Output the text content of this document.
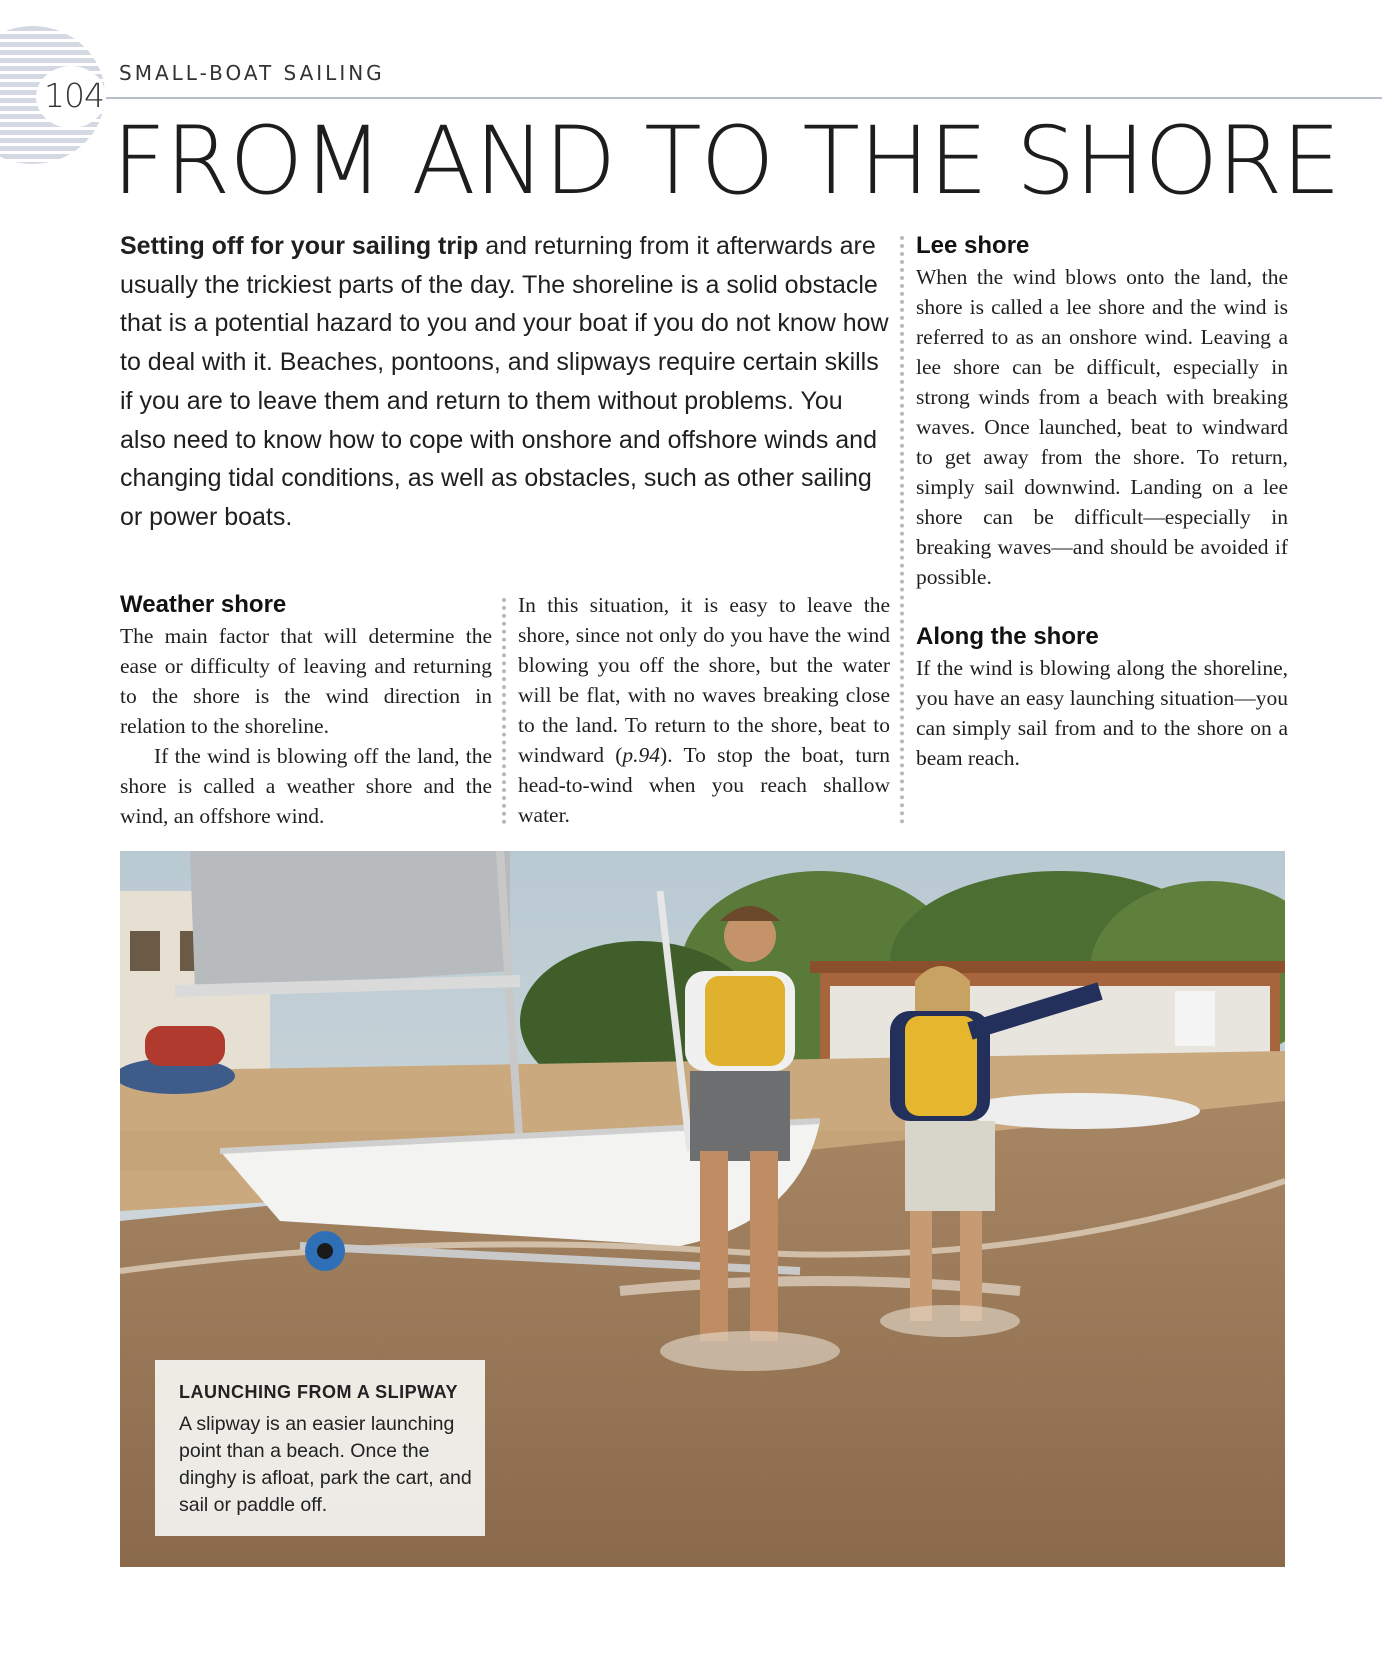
104
SMALL-BOAT SAILING
FROM AND TO THE SHORE

Setting off for your sailing trip and returning from it afterwards are usually the trickiest parts of the day. The shoreline is a solid obstacle that is a potential hazard to you and your boat if you do not know how to deal with it. Beaches, pontoons, and slipways require certain skills if you are to leave them and return to them without problems. You also need to know how to cope with onshore and offshore winds and changing tidal conditions, as well as obstacles, such as other sailing or power boats.

Weather shore

The main factor that will determine the ease or difficulty of leaving and returning to the shore is the wind direction in relation to the shoreline.

If the wind is blowing off the land, the shore is called a weather shore and the wind, an offshore wind.

In this situation, it is easy to leave the shore, since not only do you have the wind blowing you off the shore, but the water will be flat, with no waves breaking close to the land. To return to the shore, beat to windward (p.94). To stop the boat, turn head-to-wind when you reach shallow water.

Lee shore

When the wind blows onto the land, the shore is called a lee shore and the wind is referred to as an onshore wind. Leaving a lee shore can be difficult, especially in strong winds from a beach with breaking waves. Once launched, beat to windward to get away from the shore. To return, simply sail downwind. Landing on a lee shore can be difficult—especially in breaking waves—and should be avoided if possible.

Along the shore

If the wind is blowing along the shoreline, you have an easy launching situation—you can simply sail from and to the shore on a beam reach.

LAUNCHING FROM A SLIPWAY

A slipway is an easier launching point than a beach. Once the dinghy is afloat, park the cart, and sail or paddle off.
